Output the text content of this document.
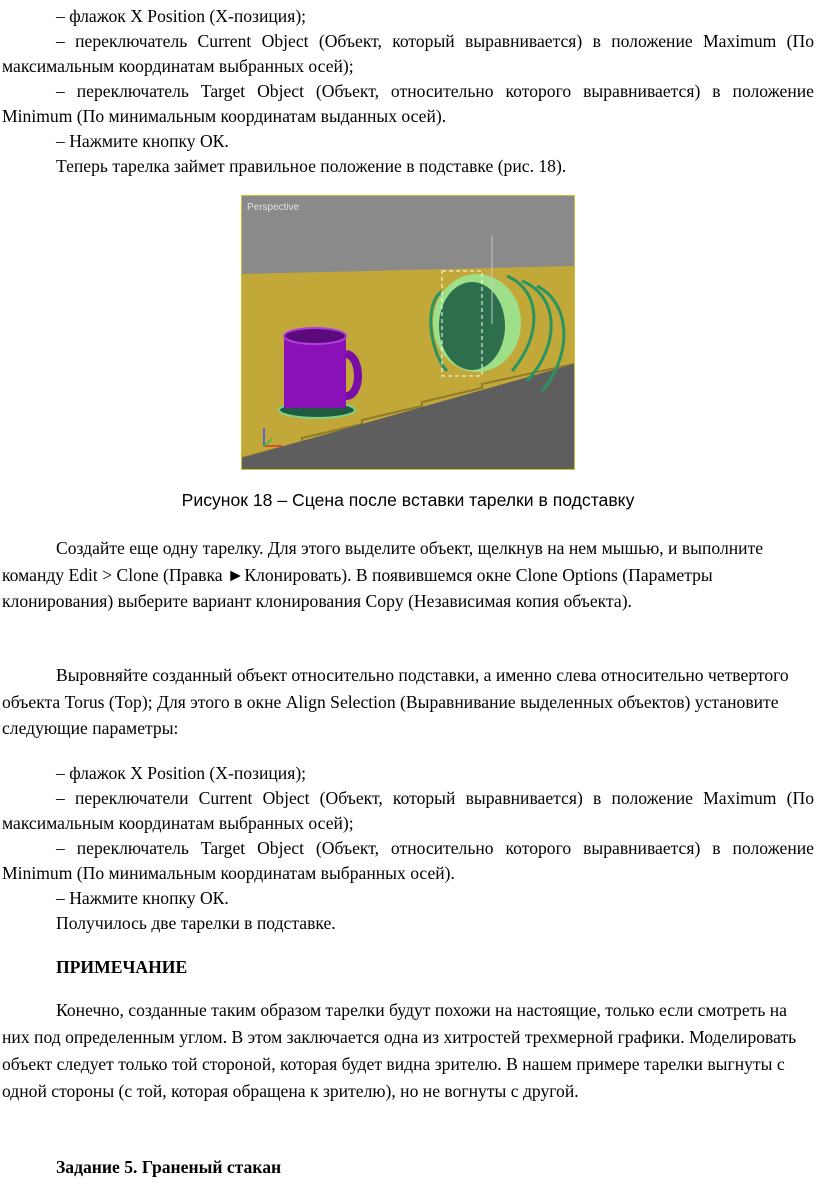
– флажок X Position (X-позиция);

– переключатель Current Object (Объект, который выравнивается) в положение Maximum (По максимальным координатам выбранных осей);

– переключатель Target Object (Объект, относительно которого выравнивается) в положение Minimum (По минимальным координатам выданных осей).

– Нажмите кнопку ОК.

Теперь тарелка займет правильное положение в подставке (рис. 18).

Perspective

Рисунок 18 – Сцена после вставки тарелки в подставку

Создайте еще одну тарелку. Для этого выделите объект, щелкнув на нем мышью, и выполните команду Edit > Clone (Правка ►Клонировать). В появившемся окне Clone Options (Параметры клонирования) выберите вариант клонирования Copy (Независимая копия объекта).

Выровняйте созданный объект относительно подставки, а именно слева относительно четвертого объекта Torus (Top); Для этого в окне Align Selection (Выравнивание выделенных объектов) установите следующие параметры:

– флажок X Position (X-позиция);

– переключатели Current Object (Объект, который выравнивается) в положение Maximum (По максимальным координатам выбранных осей);

– переключатель Target Object (Объект, относительно которого выравнивается) в положение Minimum (По минимальным координатам выбранных осей).

– Нажмите кнопку ОК.

Получилось две тарелки в подставке.

ПРИМЕЧАНИЕ

Конечно, созданные таким образом тарелки будут похожи на настоящие, только если смотреть на них под определенным углом. В этом заключается одна из хитростей трехмерной графики. Моделировать объект следует только той стороной, которая будет видна зрителю. В нашем примере тарелки выгнуты с одной стороны (с той, которая обращена к зрителю), но не вогнуты с другой.

Задание 5. Граненый стакан
